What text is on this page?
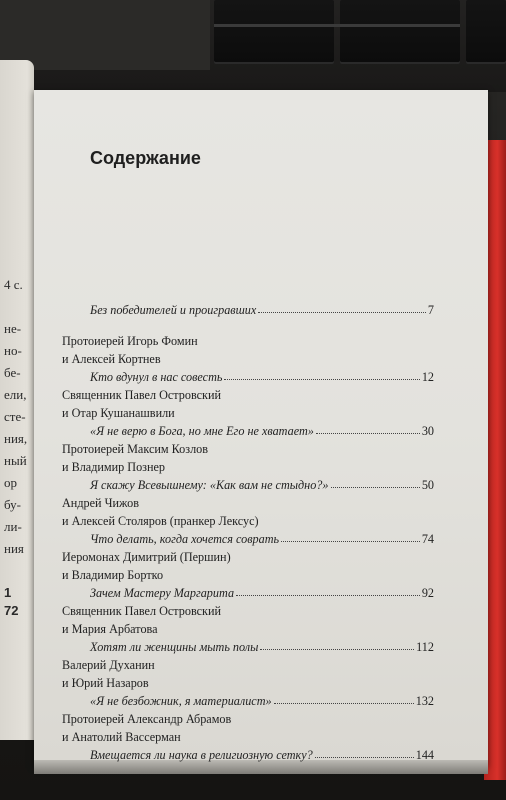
4 с.
не-
но-
бе-
ели,
сте-
ния,
ный
ор
бу-
ли-
ния
1
72
Содержание
Без победителей и проигравших	7
Протоиерей Игорь Фомин
и Алексей Кортнев
Кто вдунул в нас совесть	12
Священник Павел Островский
и Отар Кушанашвили
«Я не верю в Бога, но мне Его не хватает»	30
Протоиерей Максим Козлов
и Владимир Познер
Я скажу Всевышнему: «Как вам не стыдно?»	50
Андрей Чижов
и Алексей Столяров (пранкер Лексус)
Что делать, когда хочется соврать	74
Иеромонах Димитрий (Першин)
и Владимир Бортко
Зачем Мастеру Маргарита	92
Священник Павел Островский
и Мария Арбатова
Хотят ли женщины мыть полы	112
Валерий Духанин
и Юрий Назаров
«Я не безбожник, я материалист»	132
Протоиерей Александр Абрамов
и Анатолий Вассерман
Вмещается ли наука в религиозную сетку?	144
